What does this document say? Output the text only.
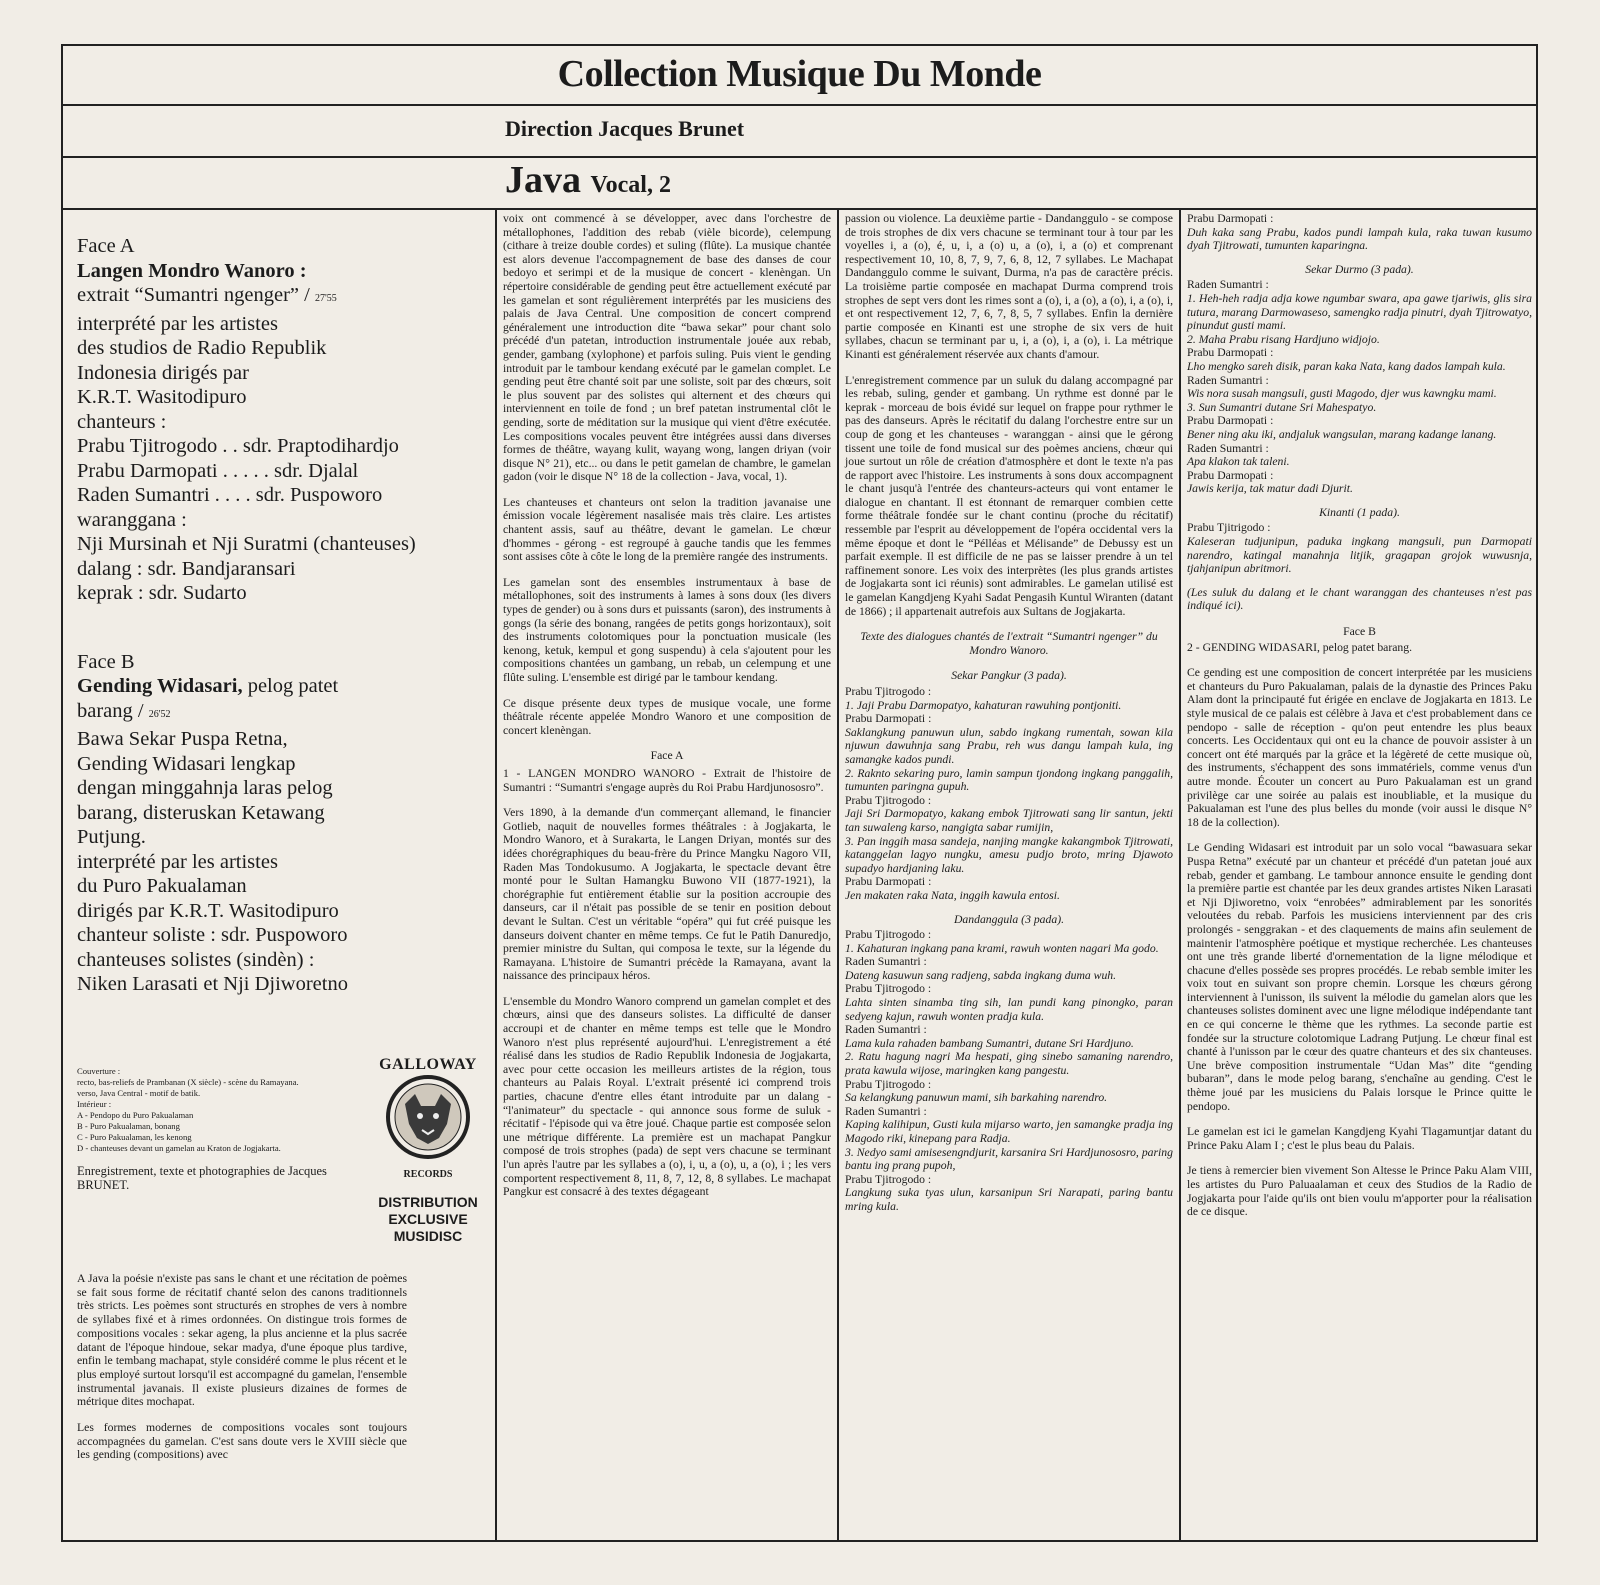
Collection Musique Du Monde
Direction Jacques Brunet
Java Vocal, 2

Face A

Langen Mondro Wanoro :

extrait “Sumantri ngenger” / 27'55

interprété par les artistes

des studios de Radio Republik

Indonesia dirigés par

K.R.T. Wasitodipuro

chanteurs :

Prabu Tjitrogodo . . sdr. Praptodihardjo

Prabu Darmopati . . . . . sdr. Djalal

Raden Sumantri . . . . sdr. Puspoworo

waranggana :

Nji Mursinah et Nji Suratmi (chanteuses)

dalang : sdr. Bandjaransari

keprak : sdr. Sudarto

Face B

Gending Widasari, pelog patet

barang / 26'52

Bawa Sekar Puspa Retna,

Gending Widasari lengkap

dengan minggahnja laras pelog

barang, disteruskan Ketawang

Putjung.

interprété par les artistes

du Puro Pakualaman

dirigés par K.R.T. Wasitodipuro

chanteur soliste : sdr. Puspoworo

chanteuses solistes (sindèn) :

Niken Larasati et Nji Djiworetno

Couverture :

recto, bas-reliefs de Prambanan (X siècle) - scène du Ramayana.

verso, Java Central - motif de batik.

Intérieur :

A - Pendopo du Puro Pakualaman

B - Puro Pakualaman, bonang

C - Puro Pakualaman, les kenong

D - chanteuses devant un gamelan au Kraton de Jogjakarta.

Enregistrement, texte et photographies de Jacques BRUNET.

GALLOWAY
RECORDS
DISTRIBUTION
EXCLUSIVE
MUSIDISC

A Java la poésie n'existe pas sans le chant et une récitation de poèmes se fait sous forme de récitatif chanté selon des canons traditionnels très stricts. Les poèmes sont structurés en strophes de vers à nombre de syllabes fixé et à rimes ordonnées. On distingue trois formes de compositions vocales : sekar ageng, la plus ancienne et la plus sacrée datant de l'époque hindoue, sekar madya, d'une époque plus tardive, enfin le tembang machapat, style considéré comme le plus récent et le plus employé surtout lorsqu'il est accompagné du gamelan, l'ensemble instrumental javanais. Il existe plusieurs dizaines de formes de métrique dites mochapat.

Les formes modernes de compositions vocales sont toujours accompagnées du gamelan. C'est sans doute vers le XVIII siècle que les gending (compositions) avec

voix ont commencé à se développer, avec dans l'orchestre de métallophones, l'addition des rebab (vièle bicorde), celempung (cithare à treize double cordes) et suling (flûte). La musique chantée est alors devenue l'accompagnement de base des danses de cour bedoyo et serimpi et de la musique de concert - klenèngan. Un répertoire considérable de gending peut être actuellement exécuté par les gamelan et sont régulièrement interprétés par les musiciens des palais de Java Central. Une composition de concert comprend généralement une introduction dite “bawa sekar” pour chant solo précédé d'un patetan, introduction instrumentale jouée aux rebab, gender, gambang (xylophone) et parfois suling. Puis vient le gending introduit par le tambour kendang exécuté par le gamelan complet. Le gending peut être chanté soit par une soliste, soit par des chœurs, soit le plus souvent par des solistes qui alternent et des chœurs qui interviennent en toile de fond ; un bref patetan instrumental clôt le gending, sorte de méditation sur la musique qui vient d'être exécutée. Les compositions vocales peuvent être intégrées aussi dans diverses formes de théâtre, wayang kulit, wayang wong, langen driyan (voir disque N° 21), etc... ou dans le petit gamelan de chambre, le gamelan gadon (voir le disque N° 18 de la collection - Java, vocal, 1).

Les chanteuses et chanteurs ont selon la tradition javanaise une émission vocale légèrement nasalisée mais très claire. Les artistes chantent assis, sauf au théâtre, devant le gamelan. Le chœur d'hommes - gérong - est regroupé à gauche tandis que les femmes sont assises côte à côte le long de la première rangée des instruments.

Les gamelan sont des ensembles instrumentaux à base de métallophones, soit des instruments à lames à sons doux (les divers types de gender) ou à sons durs et puissants (saron), des instruments à gongs (la série des bonang, rangées de petits gongs horizontaux), soit des instruments colotomiques pour la ponctuation musicale (les kenong, ketuk, kempul et gong suspendu) à cela s'ajoutent pour les compositions chantées un gambang, un rebab, un celempung et une flûte suling. L'ensemble est dirigé par le tambour kendang.

Ce disque présente deux types de musique vocale, une forme théâtrale récente appelée Mondro Wanoro et une composition de concert klenèngan.

Face A

1 - LANGEN MONDRO WANORO - Extrait de l'histoire de Sumantri : “Sumantri s'engage auprès du Roi Prabu Hardjunososro”.

Vers 1890, à la demande d'un commerçant allemand, le financier Gotlieb, naquit de nouvelles formes théâtrales : à Jogjakarta, le Mondro Wanoro, et à Surakarta, le Langen Driyan, montés sur des idées chorégraphiques du beau-frère du Prince Mangku Nagoro VII, Raden Mas Tondokusumo. A Jogjakarta, le spectacle devant être monté pour le Sultan Hamangku Buwono VII (1877-1921), la chorégraphie fut entièrement établie sur la position accroupie des danseurs, car il n'était pas possible de se tenir en position debout devant le Sultan. C'est un véritable “opéra” qui fut créé puisque les danseurs doivent chanter en même temps. Ce fut le Patih Danuredjo, premier ministre du Sultan, qui composa le texte, sur la légende du Ramayana. L'histoire de Sumantri précède la Ramayana, avant la naissance des principaux héros.

L'ensemble du Mondro Wanoro comprend un gamelan complet et des chœurs, ainsi que des danseurs solistes. La difficulté de danser accroupi et de chanter en même temps est telle que le Mondro Wanoro n'est plus représenté aujourd'hui. L'enregistrement a été réalisé dans les studios de Radio Republik Indonesia de Jogjakarta, avec pour cette occasion les meilleurs artistes de la région, tous chanteurs au Palais Royal. L'extrait présenté ici comprend trois parties, chacune d'entre elles étant introduite par un dalang - “l'animateur” du spectacle - qui annonce sous forme de suluk - récitatif - l'épisode qui va être joué. Chaque partie est composée selon une métrique différente. La première est un machapat Pangkur composé de trois strophes (pada) de sept vers chacune se terminant l'un après l'autre par les syllabes a (o), i, u, a (o), u, a (o), i ; les vers comportent respectivement 8, 11, 8, 7, 12, 8, 8 syllabes. Le machapat Pangkur est consacré à des textes dégageant

passion ou violence. La deuxième partie - Dandanggulo - se compose de trois strophes de dix vers chacune se terminant tour à tour par les voyelles i, a (o), é, u, i, a (o) u, a (o), i, a (o) et comprenant respectivement 10, 10, 8, 7, 9, 7, 6, 8, 12, 7 syllabes. Le Machapat Dandanggulo comme le suivant, Durma, n'a pas de caractère précis. La troisième partie composée en machapat Durma comprend trois strophes de sept vers dont les rimes sont a (o), i, a (o), a (o), i, a (o), i, et ont respectivement 12, 7, 6, 7, 8, 5, 7 syllabes. Enfin la dernière partie composée en Kinanti est une strophe de six vers de huit syllabes, chacun se terminant par u, i, a (o), i, a (o), i. La métrique Kinanti est généralement réservée aux chants d'amour.

L'enregistrement commence par un suluk du dalang accompagné par les rebab, suling, gender et gambang. Un rythme est donné par le keprak - morceau de bois évidé sur lequel on frappe pour rythmer le pas des danseurs. Après le récitatif du dalang l'orchestre entre sur un coup de gong et les chanteuses - waranggan - ainsi que le gérong tissent une toile de fond musical sur des poèmes anciens, chœur qui joue surtout un rôle de création d'atmosphère et dont le texte n'a pas de rapport avec l'histoire. Les instruments à sons doux accompagnent le chant jusqu'à l'entrée des chanteurs-acteurs qui vont entamer le dialogue en chantant. Il est étonnant de remarquer combien cette forme théâtrale fondée sur le chant continu (proche du récitatif) ressemble par l'esprit au développement de l'opéra occidental vers la même époque et dont le “Pélléas et Mélisande” de Debussy est un parfait exemple. Il est difficile de ne pas se laisser prendre à un tel raffinement sonore. Les voix des interprètes (les plus grands artistes de Jogjakarta sont ici réunis) sont admirables. Le gamelan utilisé est le gamelan Kangdjeng Kyahi Sadat Pengasih Kuntul Wiranten (datant de 1866) ; il appartenait autrefois aux Sultans de Jogjakarta.

Texte des dialogues chantés de l'extrait “Sumantri ngenger” du Mondro Wanoro.

Sekar Pangkur (3 pada).

Prabu Tjitrogodo :
1. Jaji Prabu Darmopatyo, kahaturan rawuhing pontjoniti.
Prabu Darmopati :
Saklangkung panuwun ulun, sabdo ingkang rumentah, sowan kila njuwun dawuhnja sang Prabu, reh wus dangu lampah kula, ing samangke kados pundi.
2. Raknto sekaring puro, lamin sampun tjondong ingkang panggalih, tumunten paringna gupuh.
Prabu Tjitrogodo :
Jaji Sri Darmopatyo, kakang embok Tjitrowati sang lir santun, jekti tan suwaleng karso, nangigta sabar rumijin,
3. Pan inggih masa sandeja, nanjing mangke kakangmbok Tjitrowati, katanggelan lagyo nungku, amesu pudjo broto, mring Djawoto supadyo hardjaning laku.
Prabu Darmopati :
Jen makaten raka Nata, inggih kawula entosi.

Dandanggula (3 pada).

Prabu Tjitrogodo :
1. Kahaturan ingkang pana krami, rawuh wonten nagari Ma godo.
Raden Sumantri :
Dateng kasuwun sang radjeng, sabda ingkang duma wuh.
Prabu Tjitrogodo :
Lahta sinten sinamba ting sih, lan pundi kang pinongko, paran sedyeng kajun, rawuh wonten pradja kula.
Raden Sumantri :
Lama kula rahaden bambang Sumantri, dutane Sri Hardjuno.
2. Ratu hagung nagri Ma hespati, ging sinebo samaning narendro, prata kawula wijose, maringken kang pangestu.
Prabu Tjitrogodo :
Sa kelangkung panuwun mami, sih barkahing narendro.
Raden Sumantri :
Kaping kalihipun, Gusti kula mijarso warto, jen samangke pradja ing Magodo riki, kinepang para Radja.
3. Nedyo sami amisesengndjurit, karsanira Sri Hardjunososro, paring bantu ing prang pupoh,
Prabu Tjitrogodo :
Langkung suka tyas ulun, karsanipun Sri Narapati, paring bantu mring kula.
Prabu Darmopati :
Duh kaka sang Prabu, kados pundi lampah kula, raka tuwan kusumo dyah Tjitrowati, tumunten kaparingna.

Sekar Durmo (3 pada).

Raden Sumantri :
1. Heh-heh radja adja kowe ngumbar swara, apa gawe tjariwis, glis sira tutura, marang Darmowaseso, samengko radja pinutri, dyah Tjitrowatyo, pinundut gusti mami.
2. Maha Prabu risang Hardjuno widjojo.
Prabu Darmopati :
Lho mengko sareh disik, paran kaka Nata, kang dados lampah kula.
Raden Sumantri :
Wis nora susah mangsuli, gusti Magodo, djer wus kawngku mami.
3. Sun Sumantri dutane Sri Mahespatyo.
Prabu Darmopati :
Bener ning aku iki, andjaluk wangsulan, marang kadange lanang.
Raden Sumantri :
Apa klakon tak taleni.
Prabu Darmopati :
Jawis kerija, tak matur dadi Djurit.

Kinanti (1 pada).

Prabu Tjitrigodo :
Kaleseran tudjunipun, paduka ingkang mangsuli, pun Darmopati narendro, katingal manahnja litjik, gragapan grojok wuwusnja, tjahjanipun abritmori.

(Les suluk du dalang et le chant waranggan des chanteuses n'est pas indiqué ici).

Face B

2 - GENDING WIDASARI, pelog patet barang.

Ce gending est une composition de concert interprétée par les musiciens et chanteurs du Puro Pakualaman, palais de la dynastie des Princes Paku Alam dont la principauté fut érigée en enclave de Jogjakarta en 1813. Le style musical de ce palais est célèbre à Java et c'est probablement dans ce pendopo - salle de réception - qu'on peut entendre les plus beaux concerts. Les Occidentaux qui ont eu la chance de pouvoir assister à un concert ont été marqués par la grâce et la légèreté de cette musique où, des instruments, s'échappent des sons immatériels, comme venus d'un autre monde. Écouter un concert au Puro Pakualaman est un grand privilège car une soirée au palais est inoubliable, et la musique du Pakualaman est l'une des plus belles du monde (voir aussi le disque N° 18 de la collection).

Le Gending Widasari est introduit par un solo vocal “bawasuara sekar Puspa Retna” exécuté par un chanteur et précédé d'un patetan joué aux rebab, gender et gambang. Le tambour annonce ensuite le gending dont la première partie est chantée par les deux grandes artistes Niken Larasati et Nji Djiworetno, voix “enrobées” admirablement par les sonorités veloutées du rebab. Parfois les musiciens interviennent par des cris prolongés - senggrakan - et des claquements de mains afin seulement de maintenir l'atmosphère poétique et mystique recherchée. Les chanteuses ont une très grande liberté d'ornementation de la ligne mélodique et chacune d'elles possède ses propres procédés. Le rebab semble imiter les voix tout en suivant son propre chemin. Lorsque les chœurs gérong interviennent à l'unisson, ils suivent la mélodie du gamelan alors que les chanteuses solistes dominent avec une ligne mélodique indépendante tant en ce qui concerne le thème que les rythmes. La seconde partie est fondée sur la structure colotomique Ladrang Putjung. Le chœur final est chanté à l'unisson par le cœur des quatre chanteurs et des six chanteuses. Une brève composition instrumentale “Udan Mas” dite “gending bubaran”, dans le mode pelog barang, s'enchaîne au gending. C'est le thème joué par les musiciens du Palais lorsque le Prince quitte le pendopo.

Le gamelan est ici le gamelan Kangdjeng Kyahi Tlagamuntjar datant du Prince Paku Alam I ; c'est le plus beau du Palais.

Je tiens à remercier bien vivement Son Altesse le Prince Paku Alam VIII, les artistes du Puro Paluaalaman et ceux des Studios de la Radio de Jogjakarta pour l'aide qu'ils ont bien voulu m'apporter pour la réalisation de ce disque.
